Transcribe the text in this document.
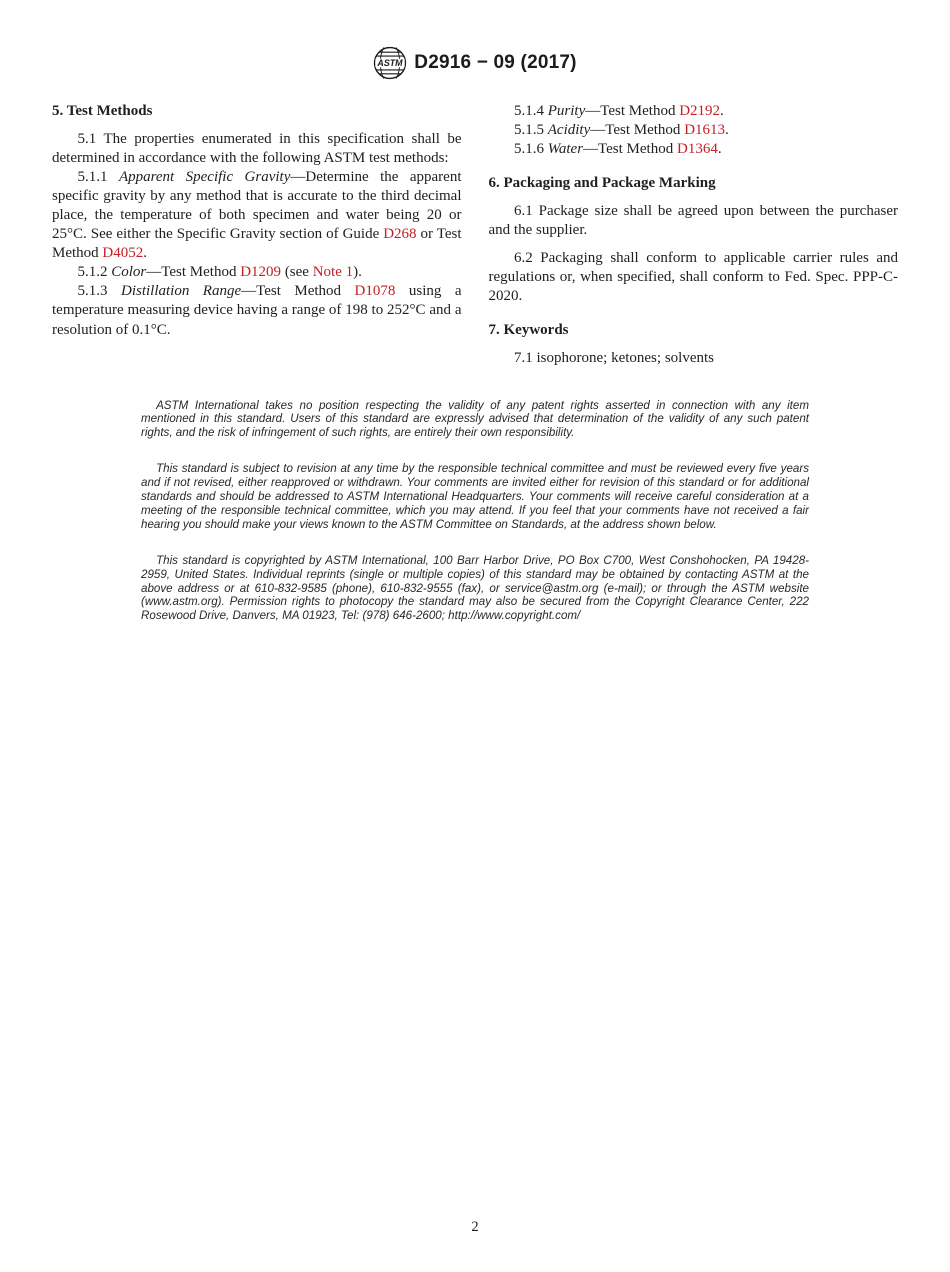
ASTM D2916 − 09 (2017)
5. Test Methods

5.1 The properties enumerated in this specification shall be determined in accordance with the following ASTM test methods:

5.1.1 Apparent Specific Gravity—Determine the apparent specific gravity by any method that is accurate to the third decimal place, the temperature of both specimen and water being 20 or 25°C. See either the Specific Gravity section of Guide D268 or Test Method D4052.

5.1.2 Color—Test Method D1209 (see Note 1).

5.1.3 Distillation Range—Test Method D1078 using a temperature measuring device having a range of 198 to 252°C and a resolution of 0.1°C.

5.1.4 Purity—Test Method D2192.

5.1.5 Acidity—Test Method D1613.

5.1.6 Water—Test Method D1364.

6. Packaging and Package Marking

6.1 Package size shall be agreed upon between the purchaser and the supplier.

6.2 Packaging shall conform to applicable carrier rules and regulations or, when specified, shall conform to Fed. Spec. PPP-C-2020.

7. Keywords

7.1 isophorone; ketones; solvents

ASTM International takes no position respecting the validity of any patent rights asserted in connection with any item mentioned in this standard. Users of this standard are expressly advised that determination of the validity of any such patent rights, and the risk of infringement of such rights, are entirely their own responsibility.

This standard is subject to revision at any time by the responsible technical committee and must be reviewed every five years and if not revised, either reapproved or withdrawn. Your comments are invited either for revision of this standard or for additional standards and should be addressed to ASTM International Headquarters. Your comments will receive careful consideration at a meeting of the responsible technical committee, which you may attend. If you feel that your comments have not received a fair hearing you should make your views known to the ASTM Committee on Standards, at the address shown below.

This standard is copyrighted by ASTM International, 100 Barr Harbor Drive, PO Box C700, West Conshohocken, PA 19428-2959, United States. Individual reprints (single or multiple copies) of this standard may be obtained by contacting ASTM at the above address or at 610-832-9585 (phone), 610-832-9555 (fax), or service@astm.org (e-mail); or through the ASTM website (www.astm.org). Permission rights to photocopy the standard may also be secured from the Copyright Clearance Center, 222 Rosewood Drive, Danvers, MA 01923, Tel: (978) 646-2600; http://www.copyright.com/

2
